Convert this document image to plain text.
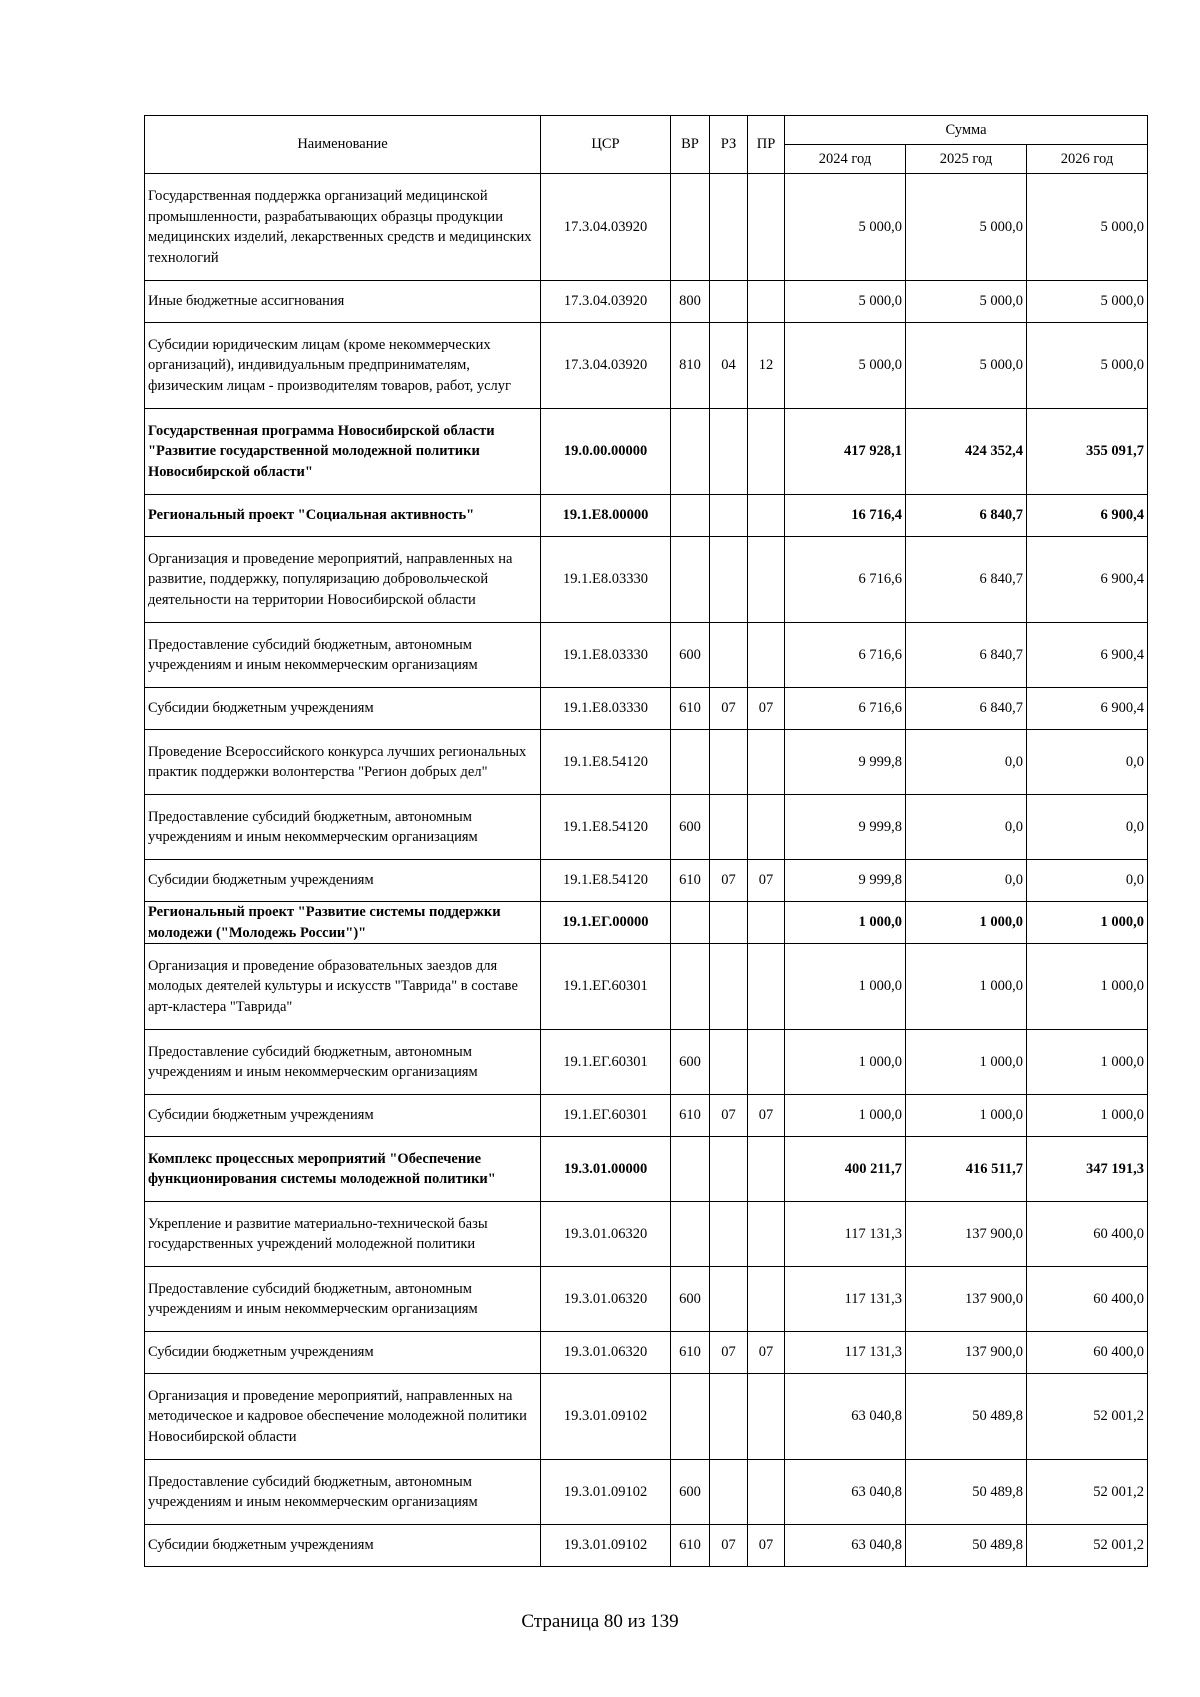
Наименование	ЦСР	ВР	РЗ	ПР	Сумма		
					2024 год	2025 год	2026 год
Государственная поддержка организаций медицинской промышленности, разрабатывающих образцы продукции медицинских изделий, лекарственных средств и медицинских технологий	17.3.04.03920				5 000,0	5 000,0	5 000,0
Иные бюджетные ассигнования	17.3.04.03920	800			5 000,0	5 000,0	5 000,0
Субсидии юридическим лицам (кроме некоммерческих организаций), индивидуальным предпринимателям, физическим лицам - производителям товаров, работ, услуг	17.3.04.03920	810	04	12	5 000,0	5 000,0	5 000,0
Государственная программа Новосибирской области "Развитие государственной молодежной политики Новосибирской области"	19.0.00.00000				417 928,1	424 352,4	355 091,7
Региональный проект "Социальная активность"	19.1.Е8.00000				16 716,4	6 840,7	6 900,4
Организация и проведение мероприятий, направленных на развитие, поддержку, популяризацию добровольческой деятельности на территории Новосибирской области	19.1.Е8.03330				6 716,6	6 840,7	6 900,4
Предоставление субсидий бюджетным, автономным учреждениям и иным некоммерческим организациям	19.1.Е8.03330	600			6 716,6	6 840,7	6 900,4
Субсидии бюджетным учреждениям	19.1.Е8.03330	610	07	07	6 716,6	6 840,7	6 900,4
Проведение Всероссийского конкурса лучших региональных практик поддержки волонтерства "Регион добрых дел"	19.1.Е8.54120				9 999,8	0,0	0,0
Предоставление субсидий бюджетным, автономным учреждениям и иным некоммерческим организациям	19.1.Е8.54120	600			9 999,8	0,0	0,0
Субсидии бюджетным учреждениям	19.1.Е8.54120	610	07	07	9 999,8	0,0	0,0
Региональный проект "Развитие системы поддержки молодежи ("Молодежь России")"	19.1.ЕГ.00000				1 000,0	1 000,0	1 000,0
Организация и проведение образовательных заездов для молодых деятелей культуры и искусств "Таврида" в составе арт-кластера "Таврида"	19.1.ЕГ.60301				1 000,0	1 000,0	1 000,0
Предоставление субсидий бюджетным, автономным учреждениям и иным некоммерческим организациям	19.1.ЕГ.60301	600			1 000,0	1 000,0	1 000,0
Субсидии бюджетным учреждениям	19.1.ЕГ.60301	610	07	07	1 000,0	1 000,0	1 000,0
Комплекс процессных мероприятий "Обеспечение функционирования системы молодежной политики"	19.3.01.00000				400 211,7	416 511,7	347 191,3
Укрепление и развитие материально-технической базы государственных учреждений молодежной политики	19.3.01.06320				117 131,3	137 900,0	60 400,0
Предоставление субсидий бюджетным, автономным учреждениям и иным некоммерческим организациям	19.3.01.06320	600			117 131,3	137 900,0	60 400,0
Субсидии бюджетным учреждениям	19.3.01.06320	610	07	07	117 131,3	137 900,0	60 400,0
Организация и проведение мероприятий, направленных на методическое и кадровое обеспечение молодежной политики Новосибирской области	19.3.01.09102				63 040,8	50 489,8	52 001,2
Предоставление субсидий бюджетным, автономным учреждениям и иным некоммерческим организациям	19.3.01.09102	600			63 040,8	50 489,8	52 001,2
Субсидии бюджетным учреждениям	19.3.01.09102	610	07	07	63 040,8	50 489,8	52 001,2
Страница 80 из 139
